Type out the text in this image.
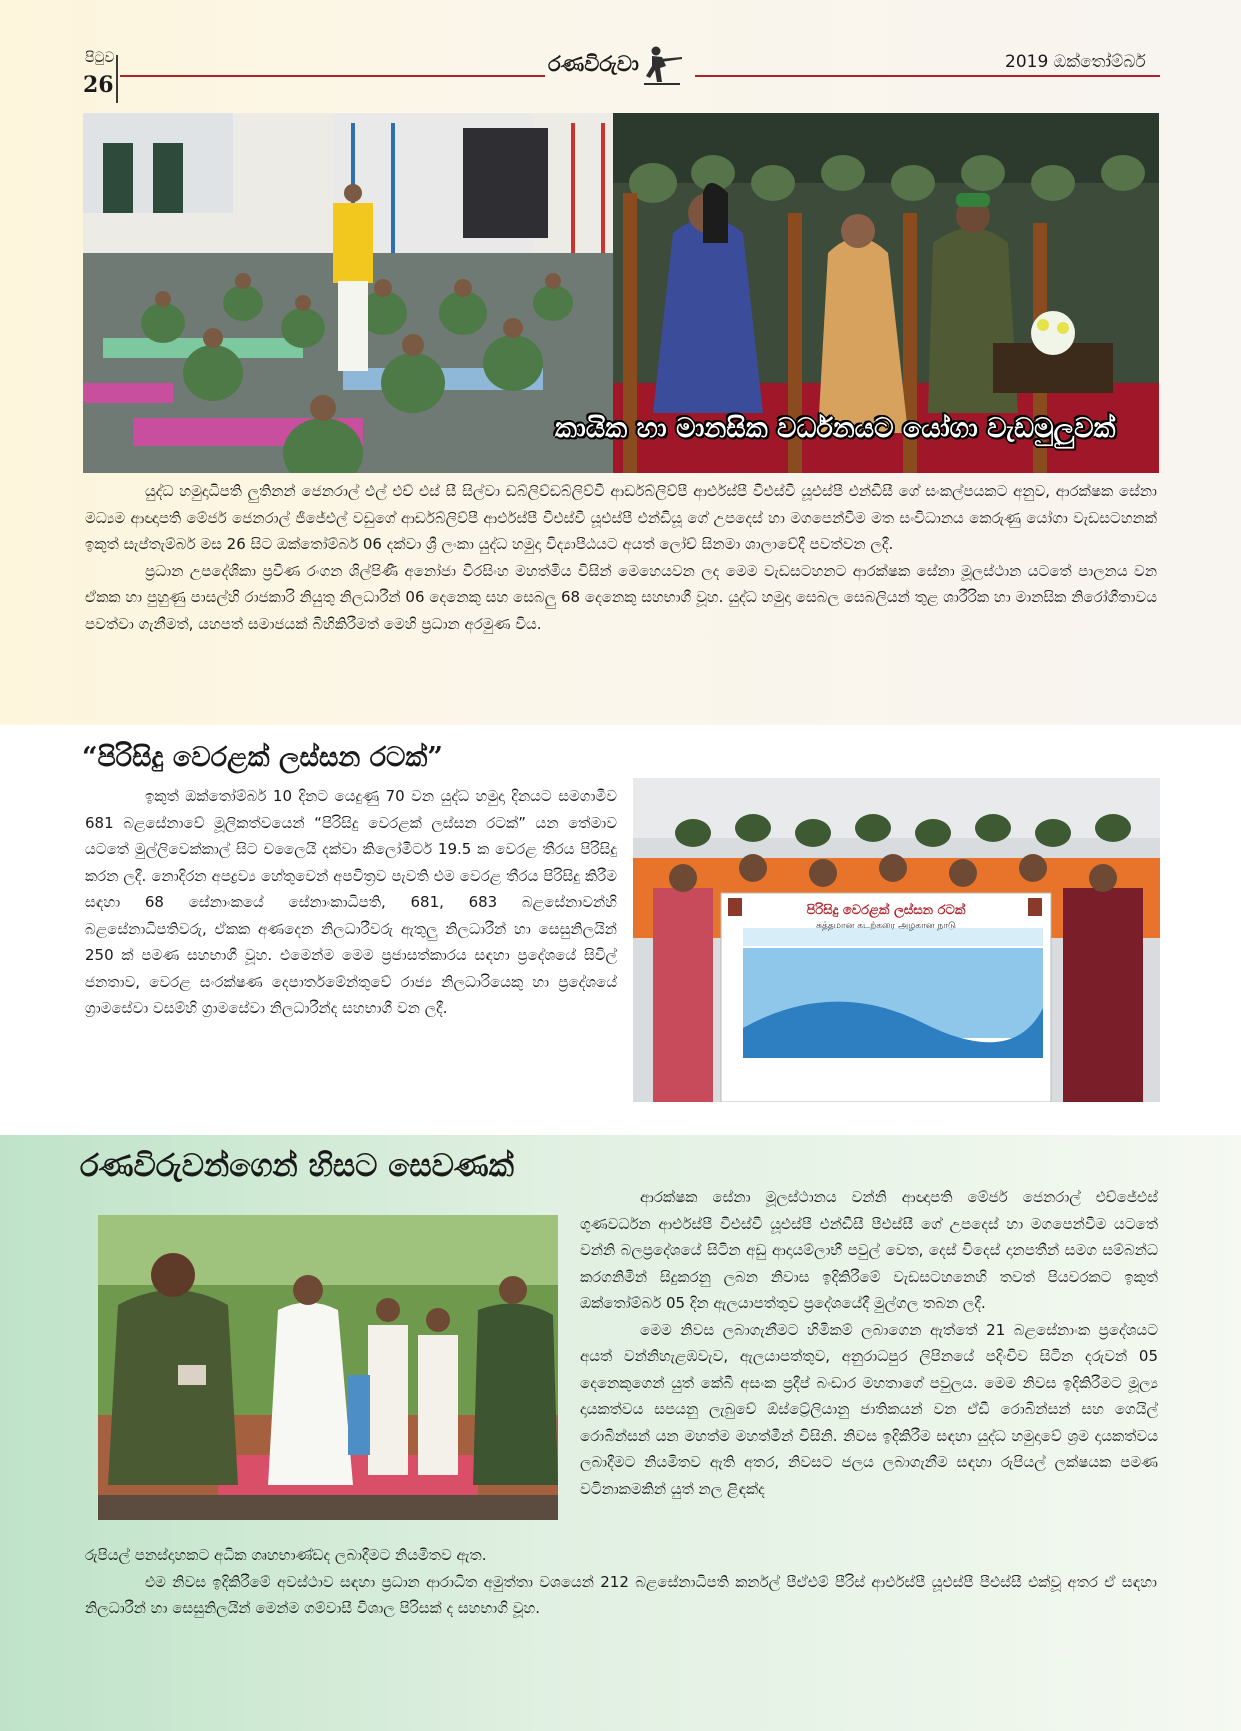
පිටුව
26
රණවිරුවා	2019 ඔක්තෝම්බර්
කායික හා මානසික වර්ධනයට යෝගා වැඩමුලුවක්

යුද්ධ හමුදාධිපති ලුතිනන් ජෙනරාල් එල් එච් එස් සී සිල්වා ඩබ්ලිව්ඩබ්ලිව්වී ආර්ඩබ්ලිව්පී ආර්එස්පී වීඑස්වී යූඑස්පී එන්ඩීසී ගේ සංකල්පයකට අනුව, ආරක්ෂක සේනා මධ්‍යම ආඥාපති මේජර් ජෙනරාල් ජීජේඑල් වඩුගේ ආර්ඩබ්ලිව්පී ආර්එස්පී වීඑස්වී යූඑස්පී එන්ඩියූ ගේ උපදෙස් හා මගපෙන්වීම මත සංවිධානය කෙරුණු යෝගා වැඩසටහනක් ඉකුත් සැප්තැම්බර් මස 26 සිට ඔක්තෝම්බර් 06 දක්වා ශ්‍රී ලංකා යුද්ධ හමුදා විද්‍යාපීඨයට අයත් ලෝච් සිනමා ශාලාවේදී පවත්වන ලදී.

ප්‍රධාන උපදේශිකා ප්‍රවීණ රංගන ශිල්පිණී අනෝජා වීරසිංහ මහත්මිය විසින් මෙහෙයවන ලද මෙම වැඩසටහනට ආරක්ෂක සේනා මූලස්ථාන යටතේ පාලනය වන ඒකක හා පුහුණු පාසල්හි රාජකාරි නියුතු නිලධාරීන් 06 දෙනෙකු සහ සෙබලු 68 දෙනෙකු සහභාගී වූහ. යුද්ධ හමුදා සෙබල සෙබලියන් තුළ ශාරීරික හා මානසික නිරෝගීතාවය පවත්වා ගැනීමත්, යහපත් සමාජයක් බිහිකිරීමත් මෙහි ප්‍රධාන අරමුණ විය.

“පිරිසිදු වෙරළක් ලස්සන රටක්”

ඉකුත් ඔක්තෝම්බර් 10 දිනට යෙදුණු 70 වන යුද්ධ හමුදා දිනයට සමගාමීව 681 බළසේනාවේ මූලිකත්වයෙන් “පිරිසිදු වෙරළක් ලස්සන රටක්” යන තේමාව යටතේ මුල්ලිවෙක්කාල් සිට චලෛයි දක්වා කිලෝමීටර් 19.5 ක වෙරළ තීරය පිරිසිදු කරන ලදී. නොදිරන අපද්‍රව්‍ය හේතුවෙන් අපවිත්‍රව පැවති එම වෙරළ තීරය පිරිසිදු කිරීම සඳහා 68 සේනාංකයේ සේනාංකාධිපති, 681, 683 බළසේනාවන්හි බළසේනාධිපතිවරු, ඒකක අණදෙන නිලධාරීවරු ඇතුලු නිලධාරීන් හා සෙසුනිලයින් 250 ක් පමණ සහභාගී වූහ. එමෙන්ම මෙම ප්‍රජාසත්කාරය සඳහා ප්‍රදේශයේ සිවිල් ජනතාව, වෙරළ සංරක්ෂණ දෙපාර්තමේන්තුවේ රාජ්‍ය නිලධාරියෙකු හා ප්‍රදේශයේ ග්‍රාමසේවා වසම්හි ග්‍රාමසේවා නිලධාරීන්ද සහභාගී වන ලදී.

පිරිසිදු වෙරළක් ලස්සන රටක්
சுத்தமான கடற்கரை அழகான நாடு
රණවිරුවන්ගෙන් හිසට සෙවණක්

ආරක්ෂක සේනා මූලස්ථානය වන්නි ආඥාපති මේජර් ජෙනරාල් එච්ජේඑස් ගුණවර්ධන ආර්එස්පී වීඑස්වී යූඑස්පී එන්ඩීසී පීඑස්සී ගේ උපදෙස් හා මගපෙන්වීම යටතේ වන්නි බලප්‍රදේශයේ සිටින අඩු ආදායම්ලාභී පවුල් වෙත, දෙස් විදෙස් දානපතීන් සමග සම්බන්ධ කරගනිමින් සිදුකරනු ලබන නිවාස ඉදිකිරීමේ වැඩසටහනෙහි තවත් පියවරකට ඉකුත් ඔක්තෝම්බර් 05 දින ඇලයාපත්තුව ප්‍රදේශයේදී මුල්ගල තබන ලදී.

මෙම නිවස ලබාගැනීමට හිමිකම් ලබාගෙන ඇත්තේ 21 බළසේනාංක ප්‍රදේශයට අයත් වන්නිහැළඹවැව, ඇලයාපත්තුව, අනුරාධපුර ලිපිනයේ පදිංචිව සිටින දරුවන් 05 දෙනෙකුගෙන් යුත් කේබී අසංක ප්‍රදීප් බංඩාර මහතාගේ පවුලය. මෙම නිවස ඉදිකිරීමට මූල්‍ය දායකත්වය සපයනු ලැබුවේ ඕස්ට්‍රේලියානු ජාතිකයන් වන ඒඩී රොබින්සන් සහ ගෙයිල් රොබින්සන් යන මහත්ම මහත්මීන් විසිනි. නිවස ඉදිකිරීම සඳහා යුද්ධ හමුදාවේ ශ්‍රම දායකත්වය ලබාදීමට නියමිතව ඇති අතර, නිවසට ජලය ලබාගැනීම සඳහා රුපියල් ලක්ෂයක පමණ වටිනාකමකින් යුත් නල ළිඳක්ද

රුපියල් පනස්දාහකට අධික ගෘහභාණ්ඩද ලබාදීමට නියමිතව ඇත.

එම නිවස ඉදිකිරීමේ අවස්ථාව සඳහා ප්‍රධාන ආරාධිත අමුත්තා වශයෙන් 212 බළසේනාධිපති කර්නල් පීඒඑම් පීරිස් ආර්එස්පී යූඑස්පී පීඑස්සී එක්වූ අතර ඒ සඳහා නිලධාරීන් හා සෙසුනිලයින් මෙන්ම ගම්වාසී විශාල පිරිසක් ද සහභාගි වූහ.
